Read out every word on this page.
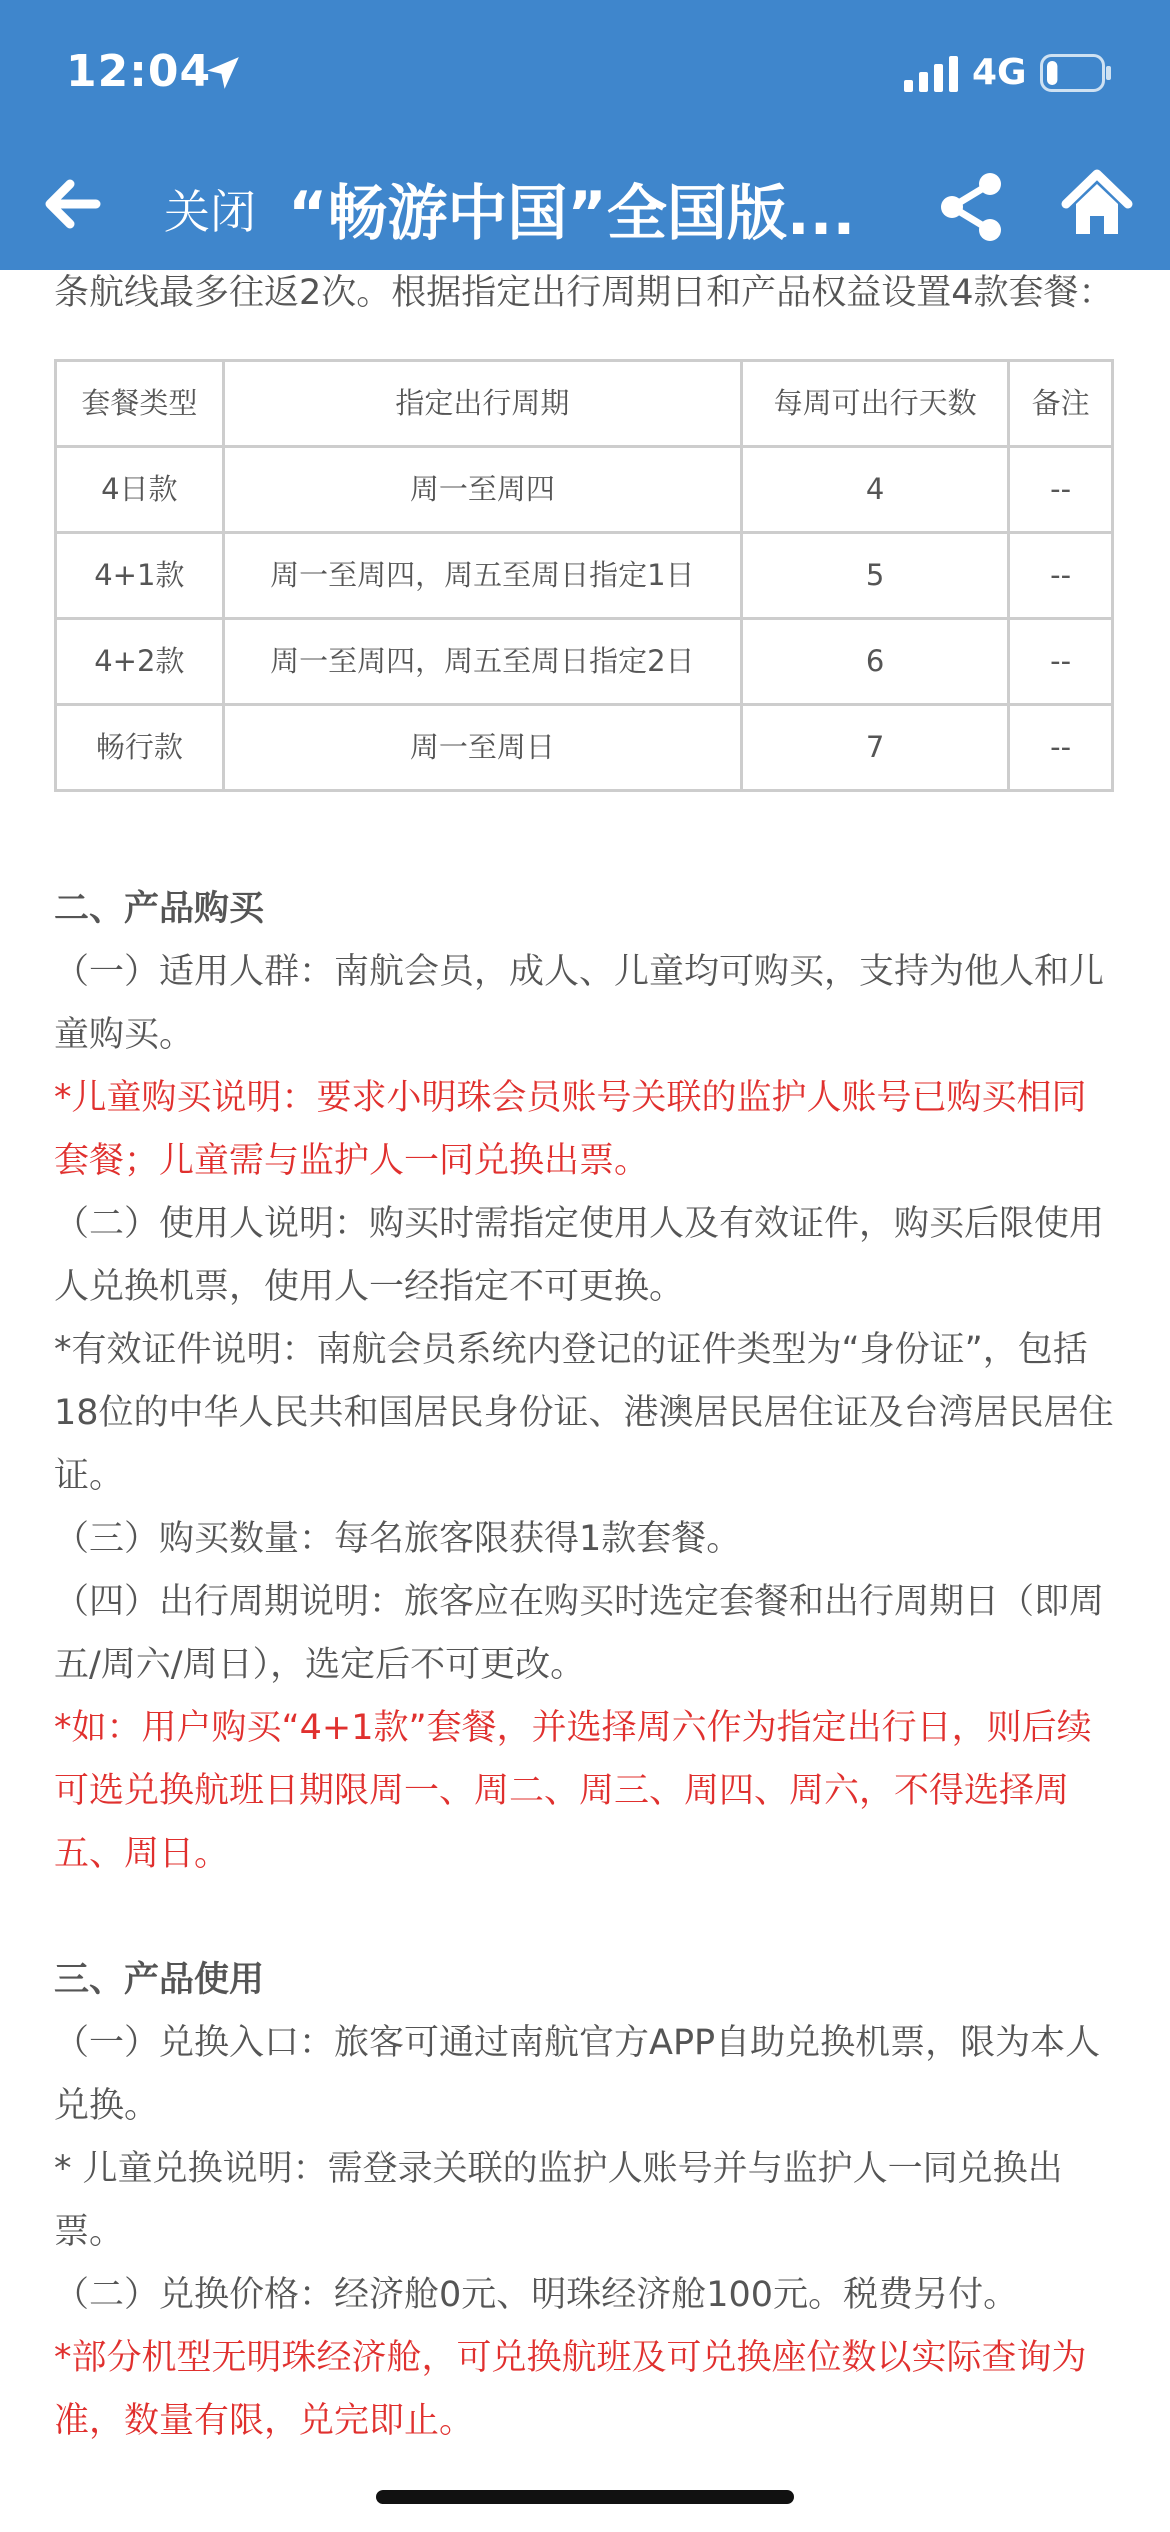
条航线最多往返2次。根据指定出行周期日和产品权益设置4款套餐：

套餐类型	指定出行周期	每周可出行天数	备注
4日款	周一至周四	4	--
4+1款	周一至周四，周五至周日指定1日	5	--
4+2款	周一至周四，周五至周日指定2日	6	--
畅行款	周一至周日	7	--

二、产品购买

（一）适用人群：南航会员，成人、儿童均可购买，支持为他人和儿童购买。

*儿童购买说明：要求小明珠会员账号关联的监护人账号已购买相同套餐；儿童需与监护人一同兑换出票。

（二）使用人说明：购买时需指定使用人及有效证件，购买后限使用人兑换机票，使用人一经指定不可更换。

*有效证件说明：南航会员系统内登记的证件类型为“身份证”，包括18位的中华人民共和国居民身份证、港澳居民居住证及台湾居民居住证。

（三）购买数量：每名旅客限获得1款套餐。

（四）出行周期说明：旅客应在购买时选定套餐和出行周期日（即周五/周六/周日），选定后不可更改。

*如：用户购买“4+1款”套餐，并选择周六作为指定出行日，则后续可选兑换航班日期限周一、周二、周三、周四、周六，不得选择周五、周日。

三、产品使用

（一）兑换入口：旅客可通过南航官方APP自助兑换机票，限为本人兑换。

* 儿童兑换说明：需登录关联的监护人账号并与监护人一同兑换出票。

（二）兑换价格：经济舱0元、明珠经济舱100元。税费另付。

*部分机型无明珠经济舱，可兑换航班及可兑换座位数以实际查询为准，数量有限，兑完即止。

12:04	4G
关闭 “畅游中国”全国版...
